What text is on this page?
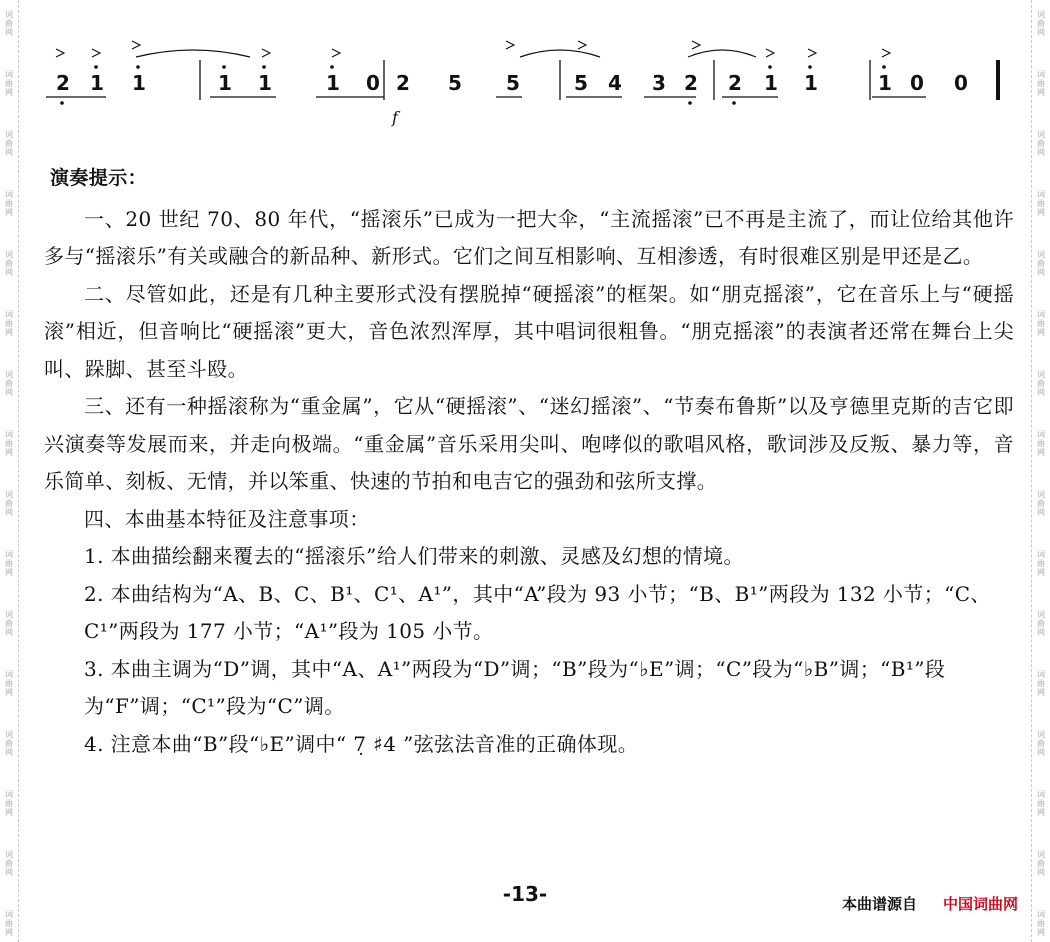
词
曲
网
词
曲
网
词
曲
网
词
曲
网
词
曲
网
词
曲
网
词
曲
网
词
曲
网
词
曲
网
词
曲
网
词
曲
网
词
曲
网
词
曲
网
词
曲
网
词
曲
网
词
曲
网
词
曲
网
词
曲
网
词
曲
网
词
曲
网
词
曲
网
词
曲
网
词
曲
网
词
曲
网
词
曲
网
词
曲
网
词
曲
网
词
曲
网
词
曲
网
词
曲
网
词
曲
网
词
曲
网
2 1 1	1 1	1 0 2 5 5	5 4 3 2 2 1 1	1 0 0
f
演奏提示：

一、20 世纪 70、80 年代，“摇滚乐”已成为一把大伞，“主流摇滚”已不再是主流了，而让位给其他许多与“摇滚乐”有关或融合的新品种、新形式。它们之间互相影响、互相渗透，有时很难区别是甲还是乙。

二、尽管如此，还是有几种主要形式没有摆脱掉“硬摇滚”的框架。如“朋克摇滚”，它在音乐上与“硬摇滚”相近，但音响比“硬摇滚”更大，音色浓烈浑厚，其中唱词很粗鲁。“朋克摇滚”的表演者还常在舞台上尖叫、跺脚、甚至斗殴。

三、还有一种摇滚称为“重金属”，它从“硬摇滚”、“迷幻摇滚”、“节奏布鲁斯”以及亨德里克斯的吉它即兴演奏等发展而来，并走向极端。“重金属”音乐采用尖叫、咆哮似的歌唱风格，歌词涉及反叛、暴力等，音乐简单、刻板、无情，并以笨重、快速的节拍和电吉它的强劲和弦所支撑。

四、本曲基本特征及注意事项：

1. 本曲描绘翻来覆去的“摇滚乐”给人们带来的刺激、灵感及幻想的情境。

2. 本曲结构为“A、B、C、B¹、C¹、A¹”，其中“A”段为 93 小节；“B、B¹”两段为 132 小节；“C、C¹”两段为 177 小节；“A¹”段为 105 小节。

3. 本曲主调为“D”调，其中“A、A¹”两段为“D”调；“B”段为“♭E”调；“C”段为“♭B”调；“B¹”段为“F”调；“C¹”段为“C”调。

4. 注意本曲“B”段“♭E”调中“ 7̣ ♯4 ”弦弦法音准的正确体现。

-13-	本曲谱源自 中国词曲网
